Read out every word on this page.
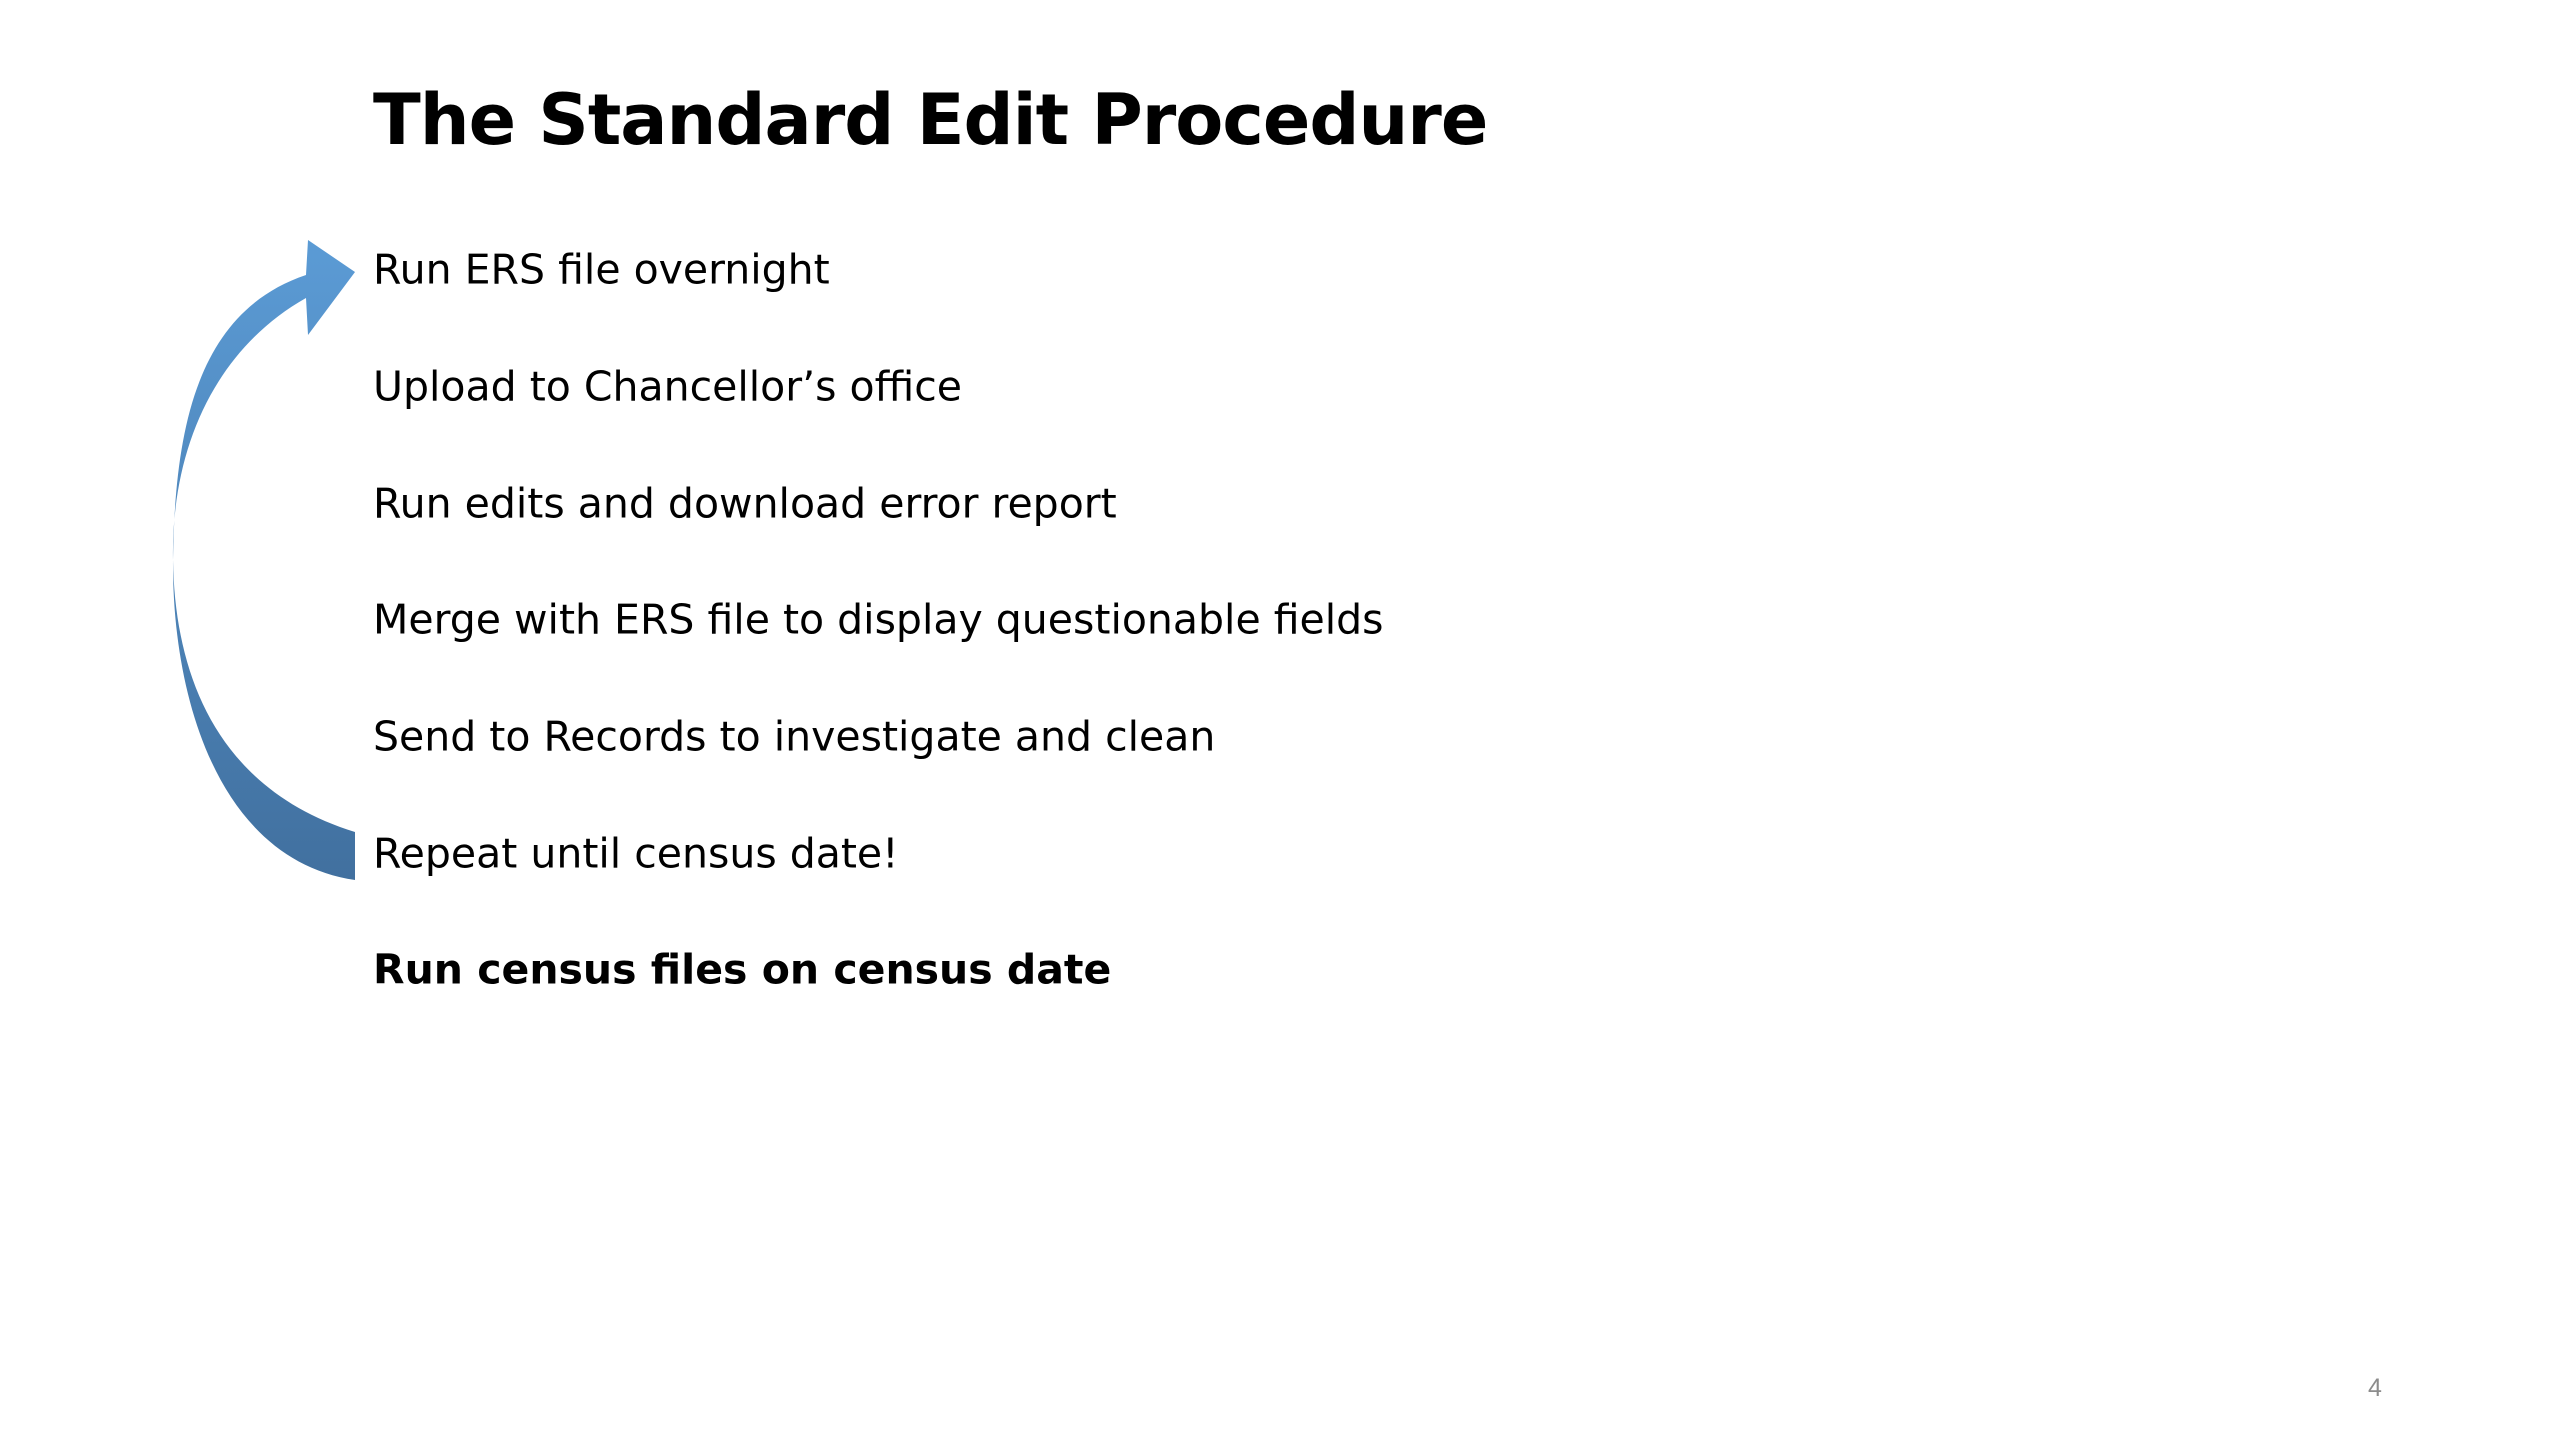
The Standard Edit Procedure
Run ERS file overnight
Upload to Chancellor’s office
Run edits and download error report
Merge with ERS file to display questionable fields
Send to Records to investigate and clean
Repeat until census date!
Run census files on census date
4
